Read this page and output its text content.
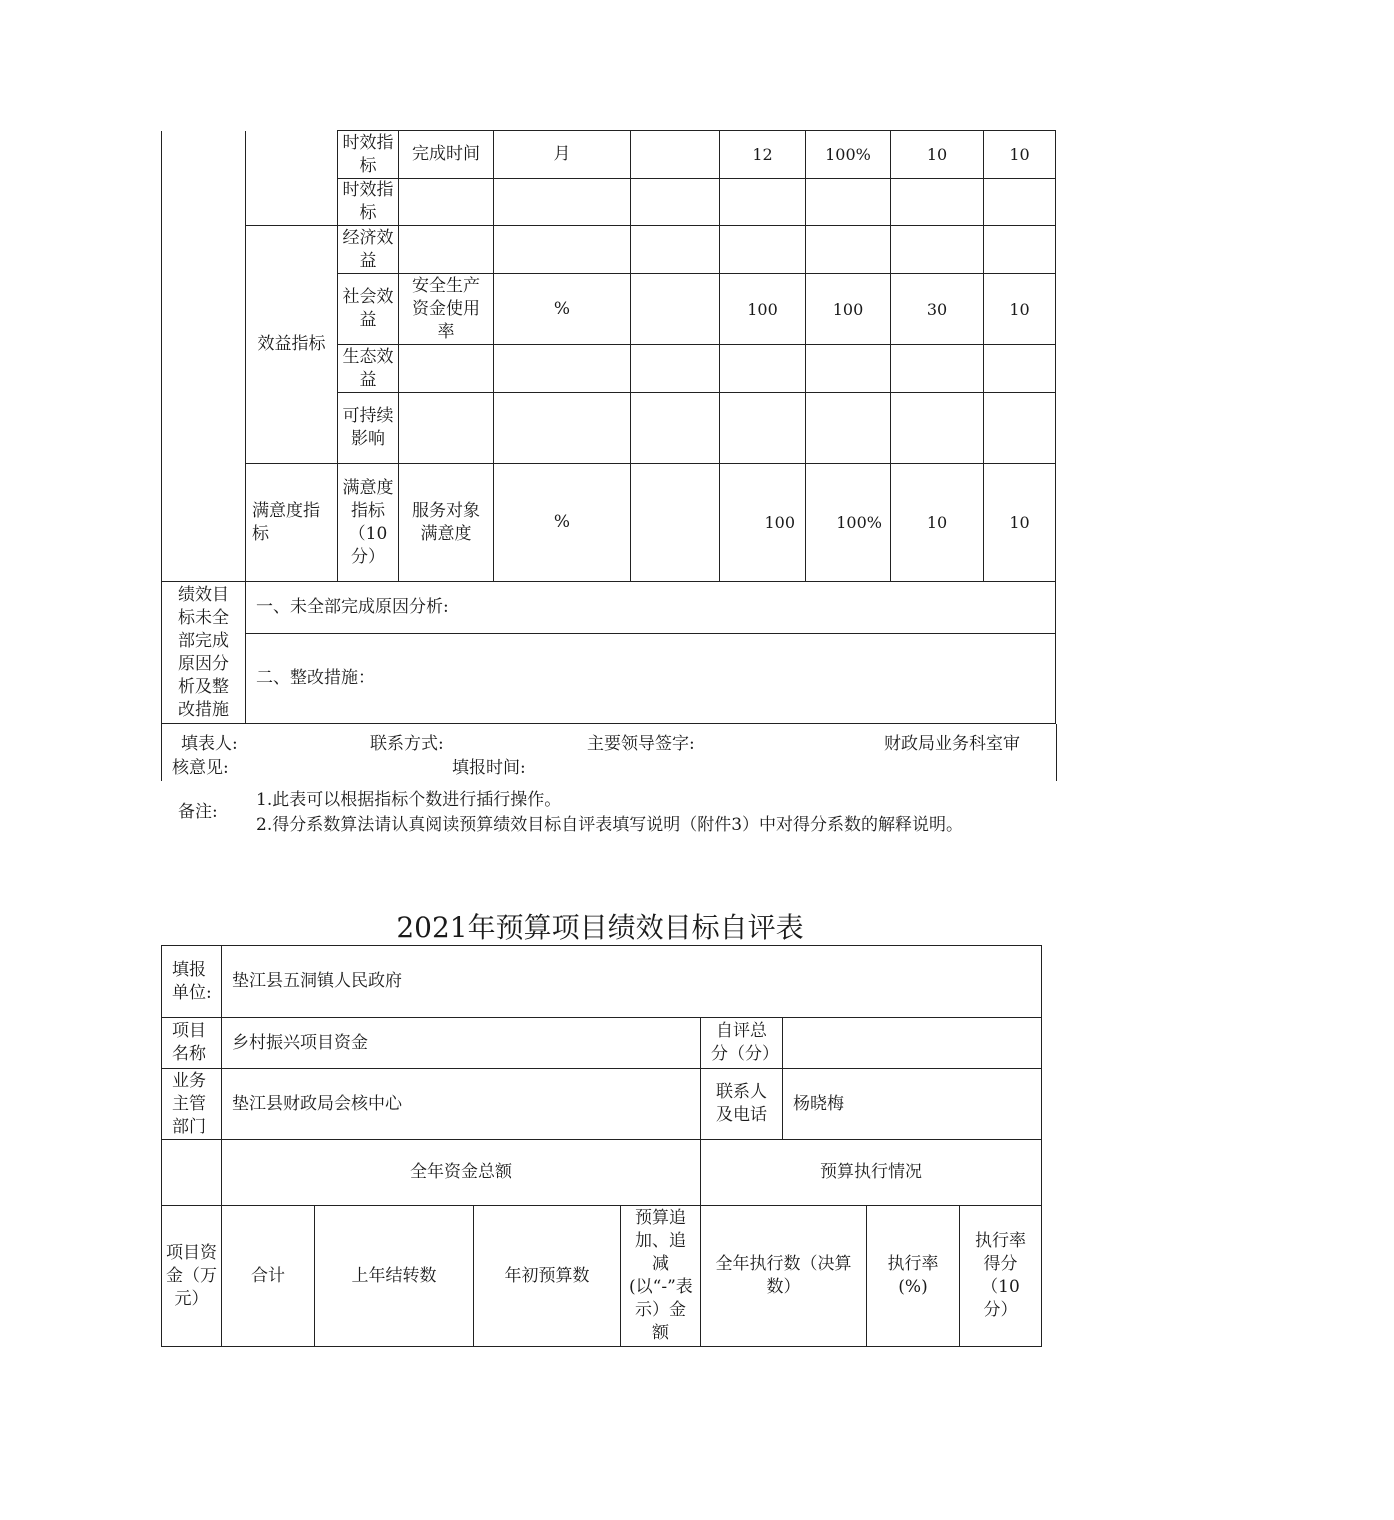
		时效指标	完成时间	月		12	100%	10	10
		时效指标							
	效益指标	经济效益							
		社会效益	安全生产资金使用率	%		100	100	30	10
		生态效益							
		可持续影响							
	满意度指标	满意度指标（10分）	服务对象满意度	%		100	100%	10	10
绩效目标未全部完成原因分析及整改措施	一、未全部完成原因分析:								
	二、整改措施：								
填表人:	联系方式:	主要领导签字:	财政局业务科室审
核意见:	填报时间:
备注:
1.此表可以根据指标个数进行插行操作。
2.得分系数算法请认真阅读预算绩效目标自评表填写说明（附件3）中对得分系数的解释说明。
2021年预算项目绩效目标自评表
填报单位:	垫江县五洞镇人民政府							
项目名称	乡村振兴项目资金				自评总分（分）			
业务主管部门	垫江县财政局会核中心				联系人及电话	杨晓梅		
	全年资金总额				预算执行情况			
项目资金（万元）	合计	上年结转数	年初预算数	预算追加、追减(以“-”表示）金额	全年执行数（决算数）		执行率(%)	执行率得分（10分）
